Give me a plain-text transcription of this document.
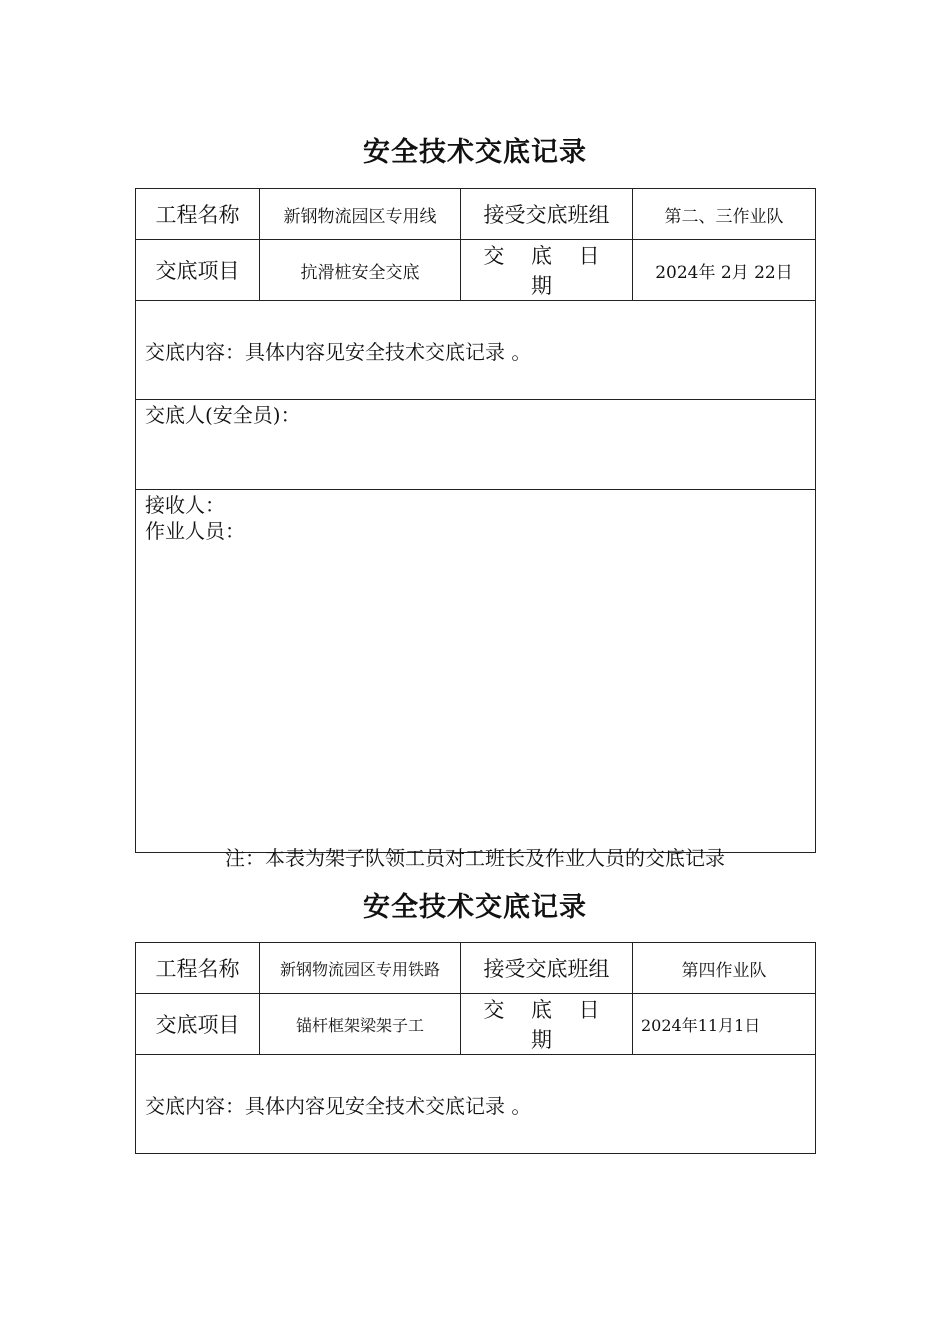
安全技术交底记录
工程名称	新钢物流园区专用线	接受交底班组	第二、三作业队
交底项目	抗滑桩安全交底	交 底 日 期	2024年 2月 22日
交底内容：具体内容见安全技术交底记录 。			
交底人(安全员)：			

接收人：
作业人员：			
注：本表为架子队领工员对工班长及作业人员的交底记录
安全技术交底记录
工程名称	新钢物流园区专用铁路	接受交底班组	第四作业队
交底项目	锚杆框架梁架子工	交 底 日 期	2024年11月1日
交底内容：具体内容见安全技术交底记录 。			
